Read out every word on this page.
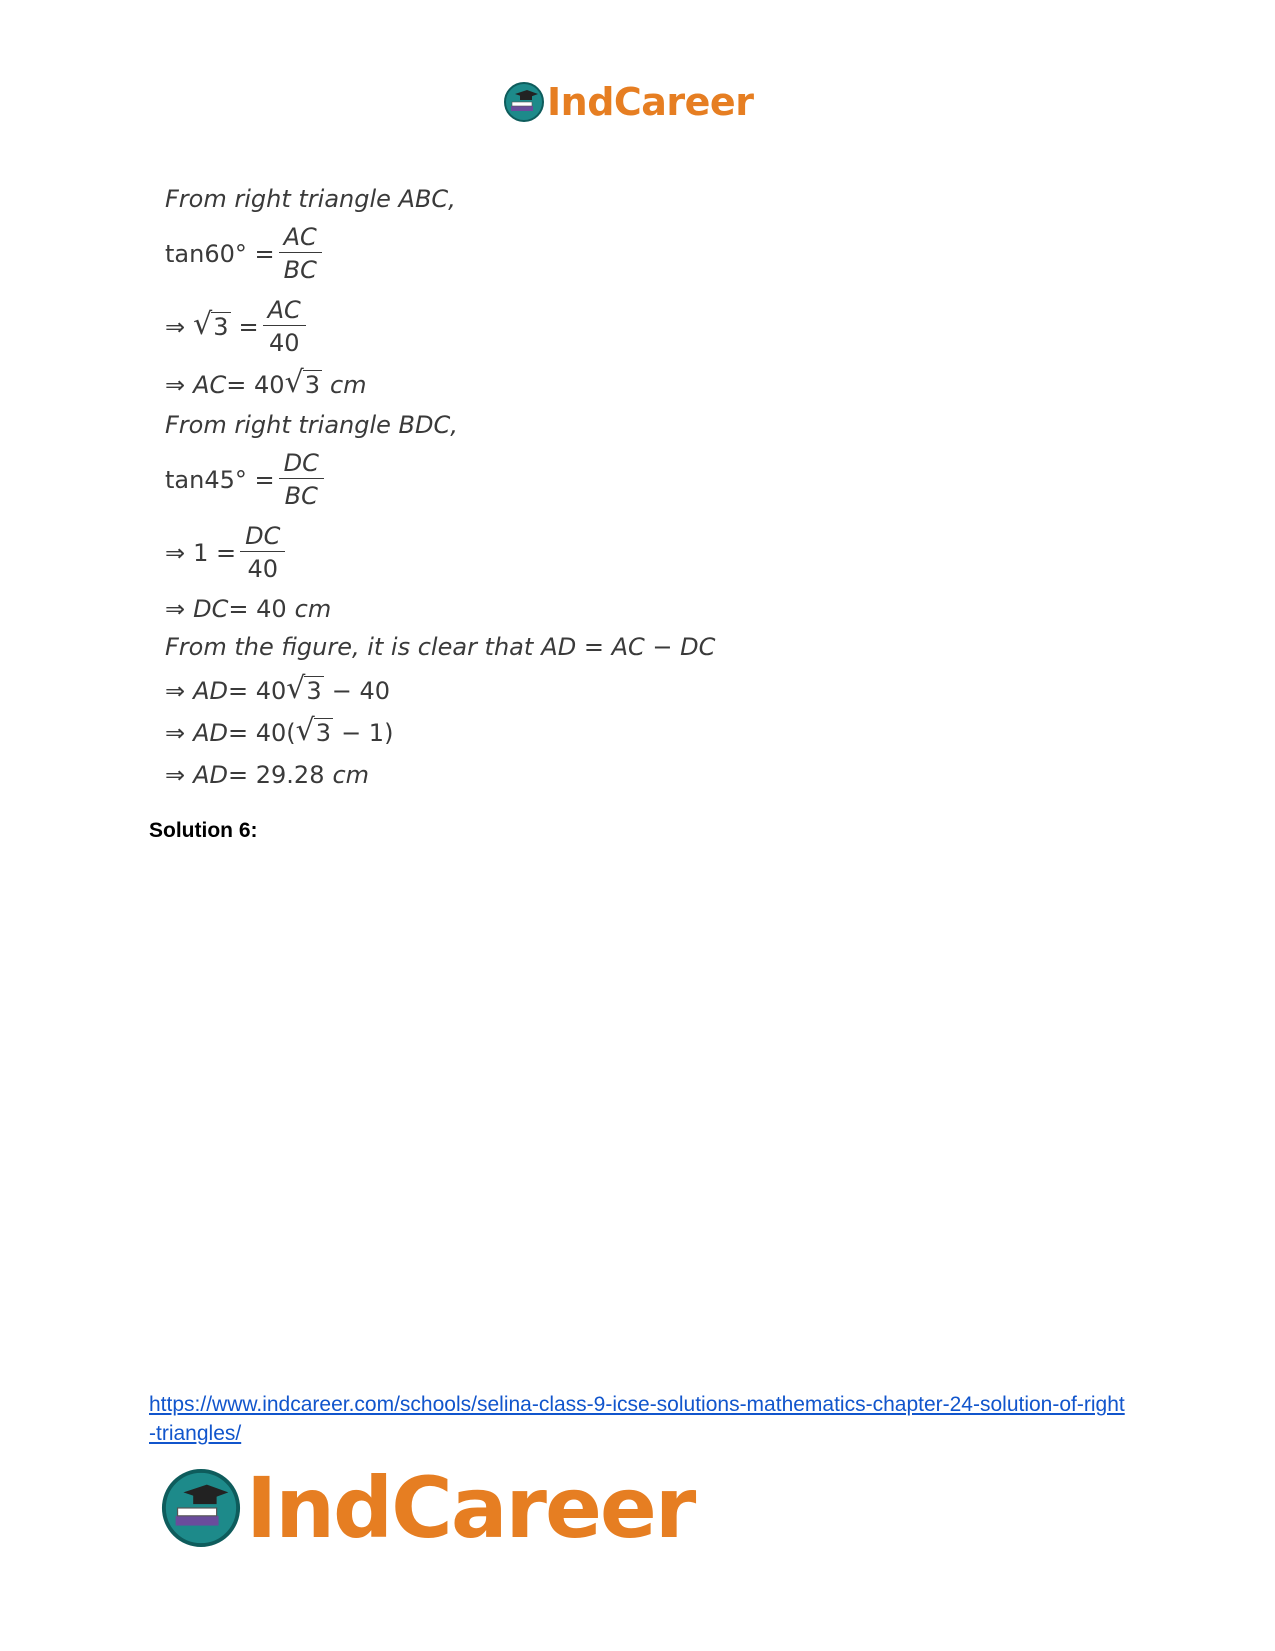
IndCareer
From right triangle ABC,
$\tan 60^\circ = \frac{AC}{BC}$
⇒ √ $3 = \frac{AC}{40}$
⇒ AC = 40 √ 3 cm
From right triangle BDC,
$\tan 45^\circ = \frac{DC}{BC}$
⇒ $1 = \frac{DC}{40}$
⇒ DC = 40 cm
From the figure, it is clear that AD = AC − DC
⇒ AD = 40 √ 3 − 40
⇒ AD = 40( √ 3 − 1)
⇒ AD = 29.28 cm
Solution 6:
https://www.indcareer.com/schools/selina-class-9-icse-solutions-mathematics-chapter-24-solution-of-right-triangles/
IndCareer
